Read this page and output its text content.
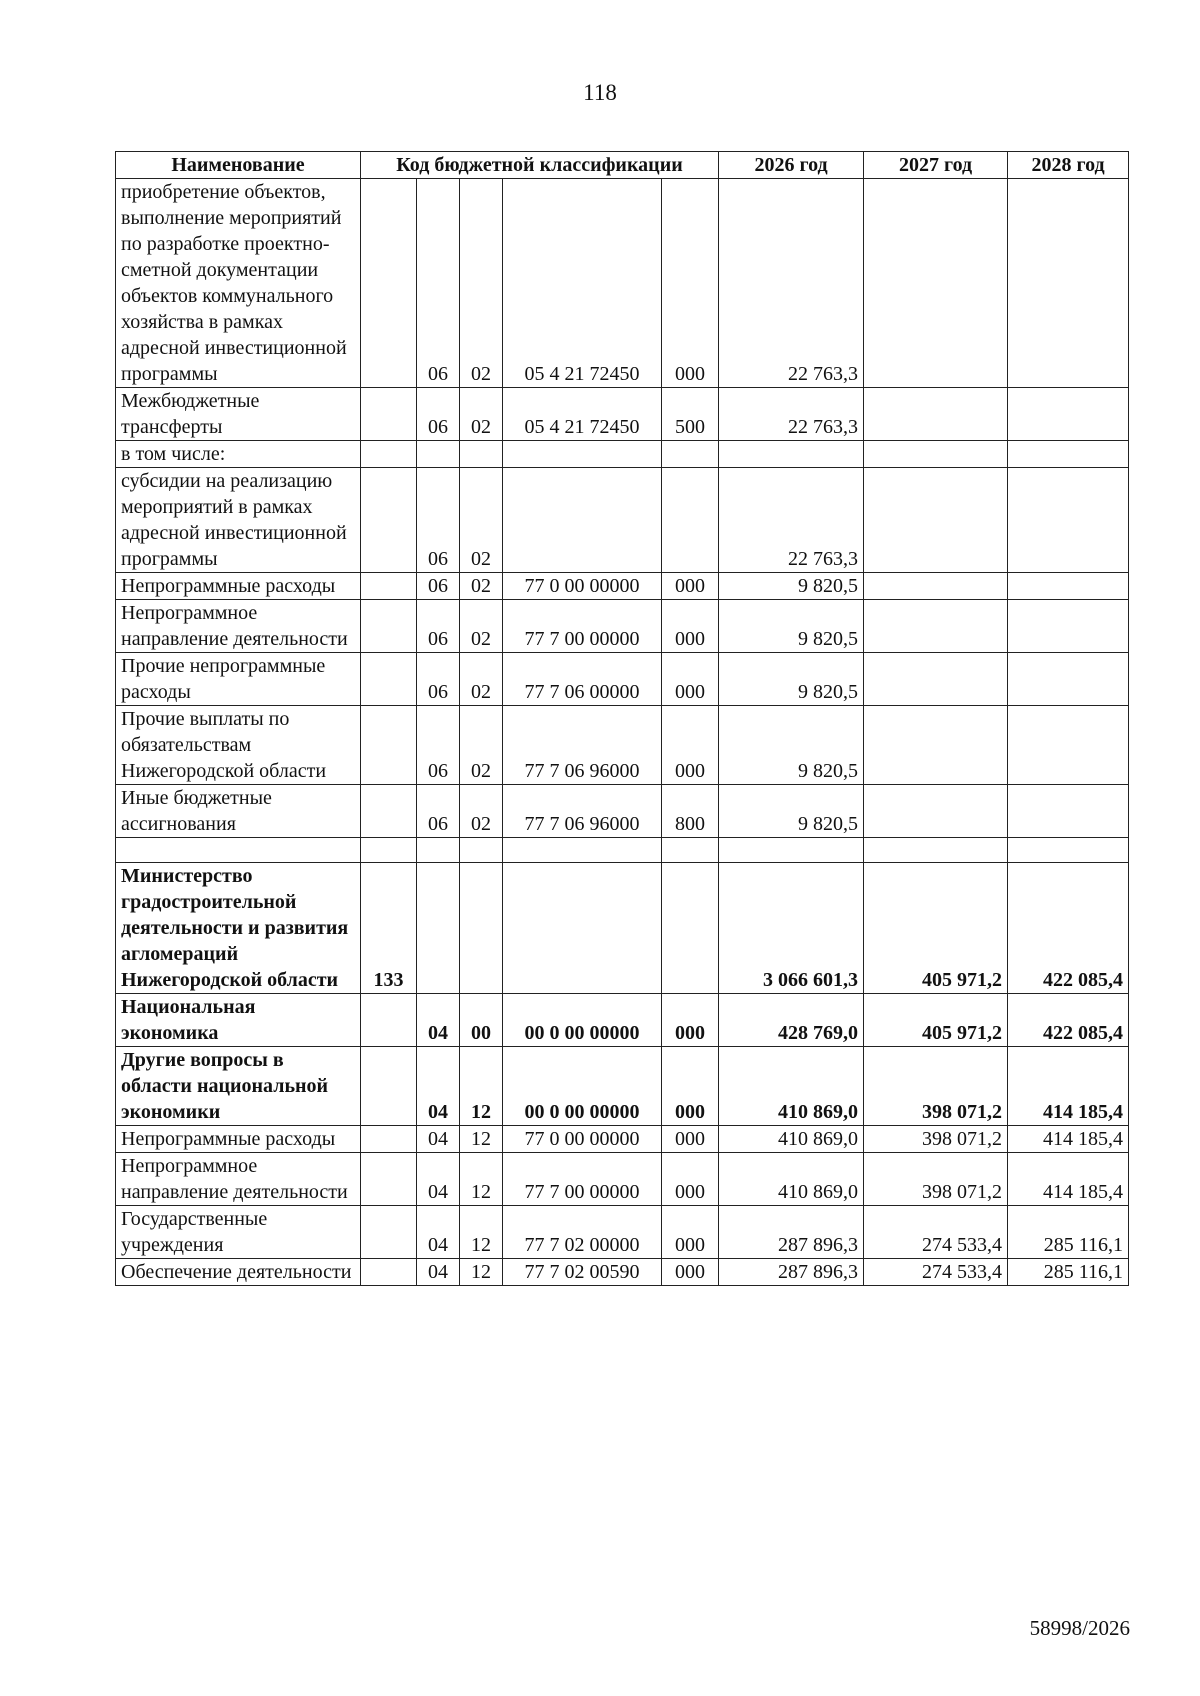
118
Наименование	Код бюджетной классификации					2026 год	2027 год	2028 год
приобретение объектов, выполнение мероприятий по разработке проектно-сметной документации объектов коммунального хозяйства в рамках адресной инвестиционной программы		06	02	05 4 21 72450	000	22 763,3		
Межбюджетные трансферты		06	02	05 4 21 72450	500	22 763,3		
в том числе:								
субсидии на реализацию мероприятий в рамках адресной инвестиционной программы		06	02			22 763,3		
Непрограммные расходы		06	02	77 0 00 00000	000	9 820,5		
Непрограммное направление деятельности		06	02	77 7 00 00000	000	9 820,5		
Прочие непрограммные расходы		06	02	77 7 06 00000	000	9 820,5		
Прочие выплаты по обязательствам Нижегородской области		06	02	77 7 06 96000	000	9 820,5		
Иные бюджетные ассигнования		06	02	77 7 06 96000	800	9 820,5		

Министерство градостроительной деятельности и развития агломераций Нижегородской области	133					3 066 601,3	405 971,2	422 085,4
Национальная экономика		04	00	00 0 00 00000	000	428 769,0	405 971,2	422 085,4
Другие вопросы в области национальной экономики		04	12	00 0 00 00000	000	410 869,0	398 071,2	414 185,4
Непрограммные расходы		04	12	77 0 00 00000	000	410 869,0	398 071,2	414 185,4
Непрограммное направление деятельности		04	12	77 7 00 00000	000	410 869,0	398 071,2	414 185,4
Государственные учреждения		04	12	77 7 02 00000	000	287 896,3	274 533,4	285 116,1
Обеспечение деятельности		04	12	77 7 02 00590	000	287 896,3	274 533,4	285 116,1
58998/2026
